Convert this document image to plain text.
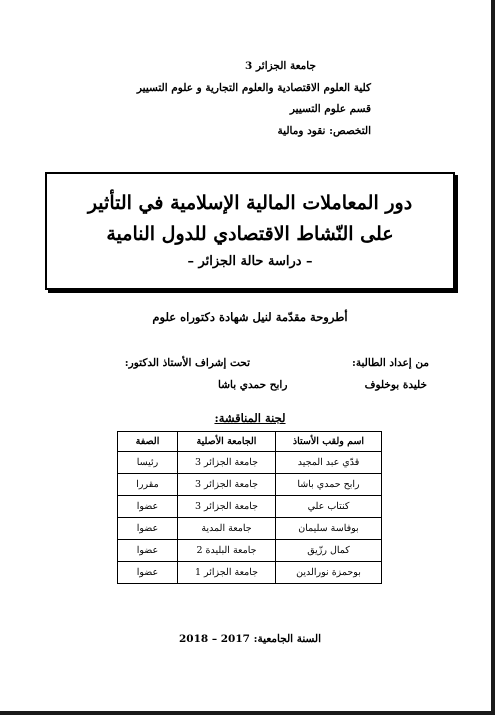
جامعة الجزائر 3
كلية العلوم الاقتصادية والعلوم التجارية و علوم التسيير
قسم علوم التسيير
التخصص: نقود ومالية
دور المعاملات المالية الإسلامية في التأثير
على النّشاط الاقتصادي للدول النامية
– دراسة حالة الجزائر –
أطروحة مقدّمة لنيل شهادة دكتوراه علوم
من إعداد الطالبة:
تحت إشراف الأستاذ الدكتور:
خليدة بوخلوف
رابح حمدي باشا
لجنة المناقشة:
اسم ولقب الأستاذ	الجامعة الأصلية	الصفة
قدّي عبد المجيد	جامعة الجزائر 3	رئيسا
رابح حمدي باشا	جامعة الجزائر 3	مقررا
كنتاب علي	جامعة الجزائر 3	عضوا
بوفاسة سليمان	جامعة المدية	عضوا
كمال رزّيق	جامعة البليدة 2	عضوا
بوحمزة نورالدين	جامعة الجزائر 1	عضوا
السنة الجامعية: 2017 – 2018
